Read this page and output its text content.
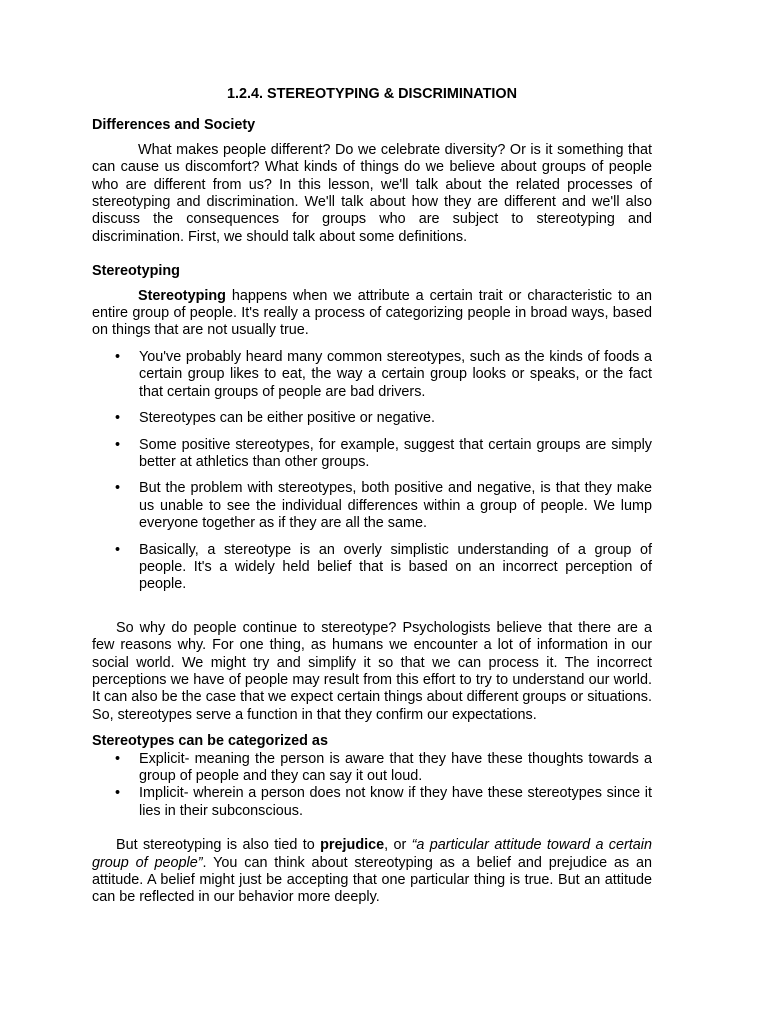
1.2.4. STEREOTYPING & DISCRIMINATION
Differences and Society

What makes people different? Do we celebrate diversity? Or is it something that can cause us discomfort? What kinds of things do we believe about groups of people who are different from us? In this lesson, we'll talk about the related processes of stereotyping and discrimination. We'll talk about how they are different and we'll also discuss the consequences for groups who are subject to stereotyping and discrimination. First, we should talk about some definitions.

Stereotyping

Stereotyping happens when we attribute a certain trait or characteristic to an entire group of people. It's really a process of categorizing people in broad ways, based on things that are not usually true.

• You've probably heard many common stereotypes, such as the kinds of foods a certain group likes to eat, the way a certain group looks or speaks, or the fact that certain groups of people are bad drivers.
• Stereotypes can be either positive or negative.
• Some positive stereotypes, for example, suggest that certain groups are simply better at athletics than other groups.
• But the problem with stereotypes, both positive and negative, is that they make us unable to see the individual differences within a group of people. We lump everyone together as if they are all the same.
• Basically, a stereotype is an overly simplistic understanding of a group of people. It's a widely held belief that is based on an incorrect perception of people.

So why do people continue to stereotype? Psychologists believe that there are a few reasons why. For one thing, as humans we encounter a lot of information in our social world. We might try and simplify it so that we can process it. The incorrect perceptions we have of people may result from this effort to try to understand our world. It can also be the case that we expect certain things about different groups or situations. So, stereotypes serve a function in that they confirm our expectations.

Stereotypes can be categorized as
• Explicit- meaning the person is aware that they have these thoughts towards a group of people and they can say it out loud.
• Implicit- wherein a person does not know if they have these stereotypes since it lies in their subconscious.

But stereotyping is also tied to prejudice, or “a particular attitude toward a certain group of people”. You can think about stereotyping as a belief and prejudice as an attitude. A belief might just be accepting that one particular thing is true. But an attitude can be reflected in our behavior more deeply.
